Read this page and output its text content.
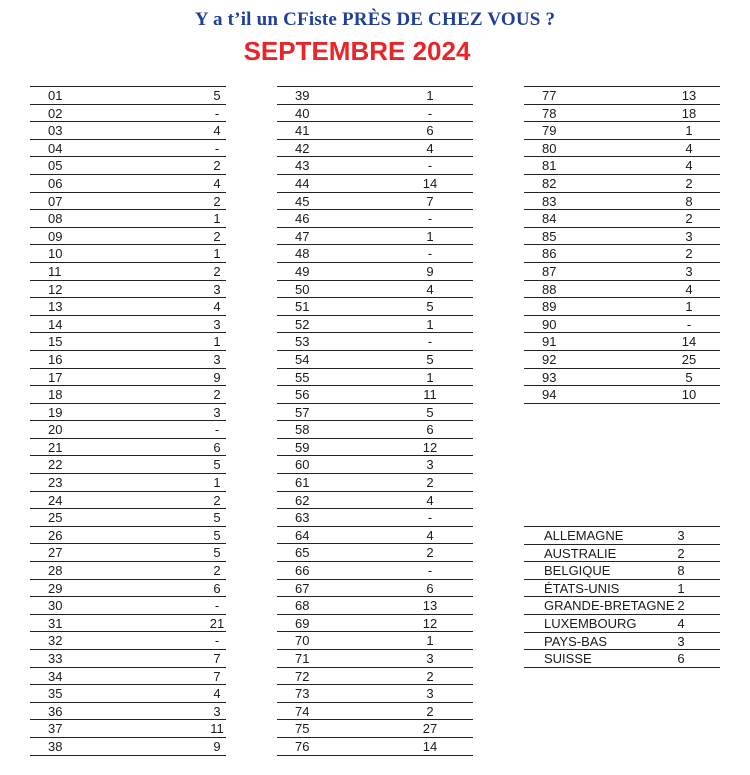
Y a t’il un CFiste PRÈS DE CHEZ VOUS ?
SEPTEMBRE 2024
01	5
02	-
03	4
04	-
05	2
06	4
07	2
08	1
09	2
10	1
11	2
12	3
13	4
14	3
15	1
16	3
17	9
18	2
19	3
20	-
21	6
22	5
23	1
24	2
25	5
26	5
27	5
28	2
29	6
30	-
31	21
32	-
33	7
34	7
35	4
36	3
37	11
38	9
39	1
40	-
41	6
42	4
43	-
44	14
45	7
46	-
47	1
48	-
49	9
50	4
51	5
52	1
53	-
54	5
55	1
56	11
57	5
58	6
59	12
60	3
61	2
62	4
63	-
64	4
65	2
66	-
67	6
68	13
69	12
70	1
71	3
72	2
73	3
74	2
75	27
76	14
77	13
78	18
79	1
80	4
81	4
82	2
83	8
84	2
85	3
86	2
87	3
88	4
89	1
90	-
91	14
92	25
93	5
94	10
ALLEMAGNE	3
AUSTRALIE	2
BELGIQUE	8
ÉTATS-UNIS	1
GRANDE-BRETAGNE 2
LUXEMBOURG	4
PAYS-BAS	3
SUISSE	6
